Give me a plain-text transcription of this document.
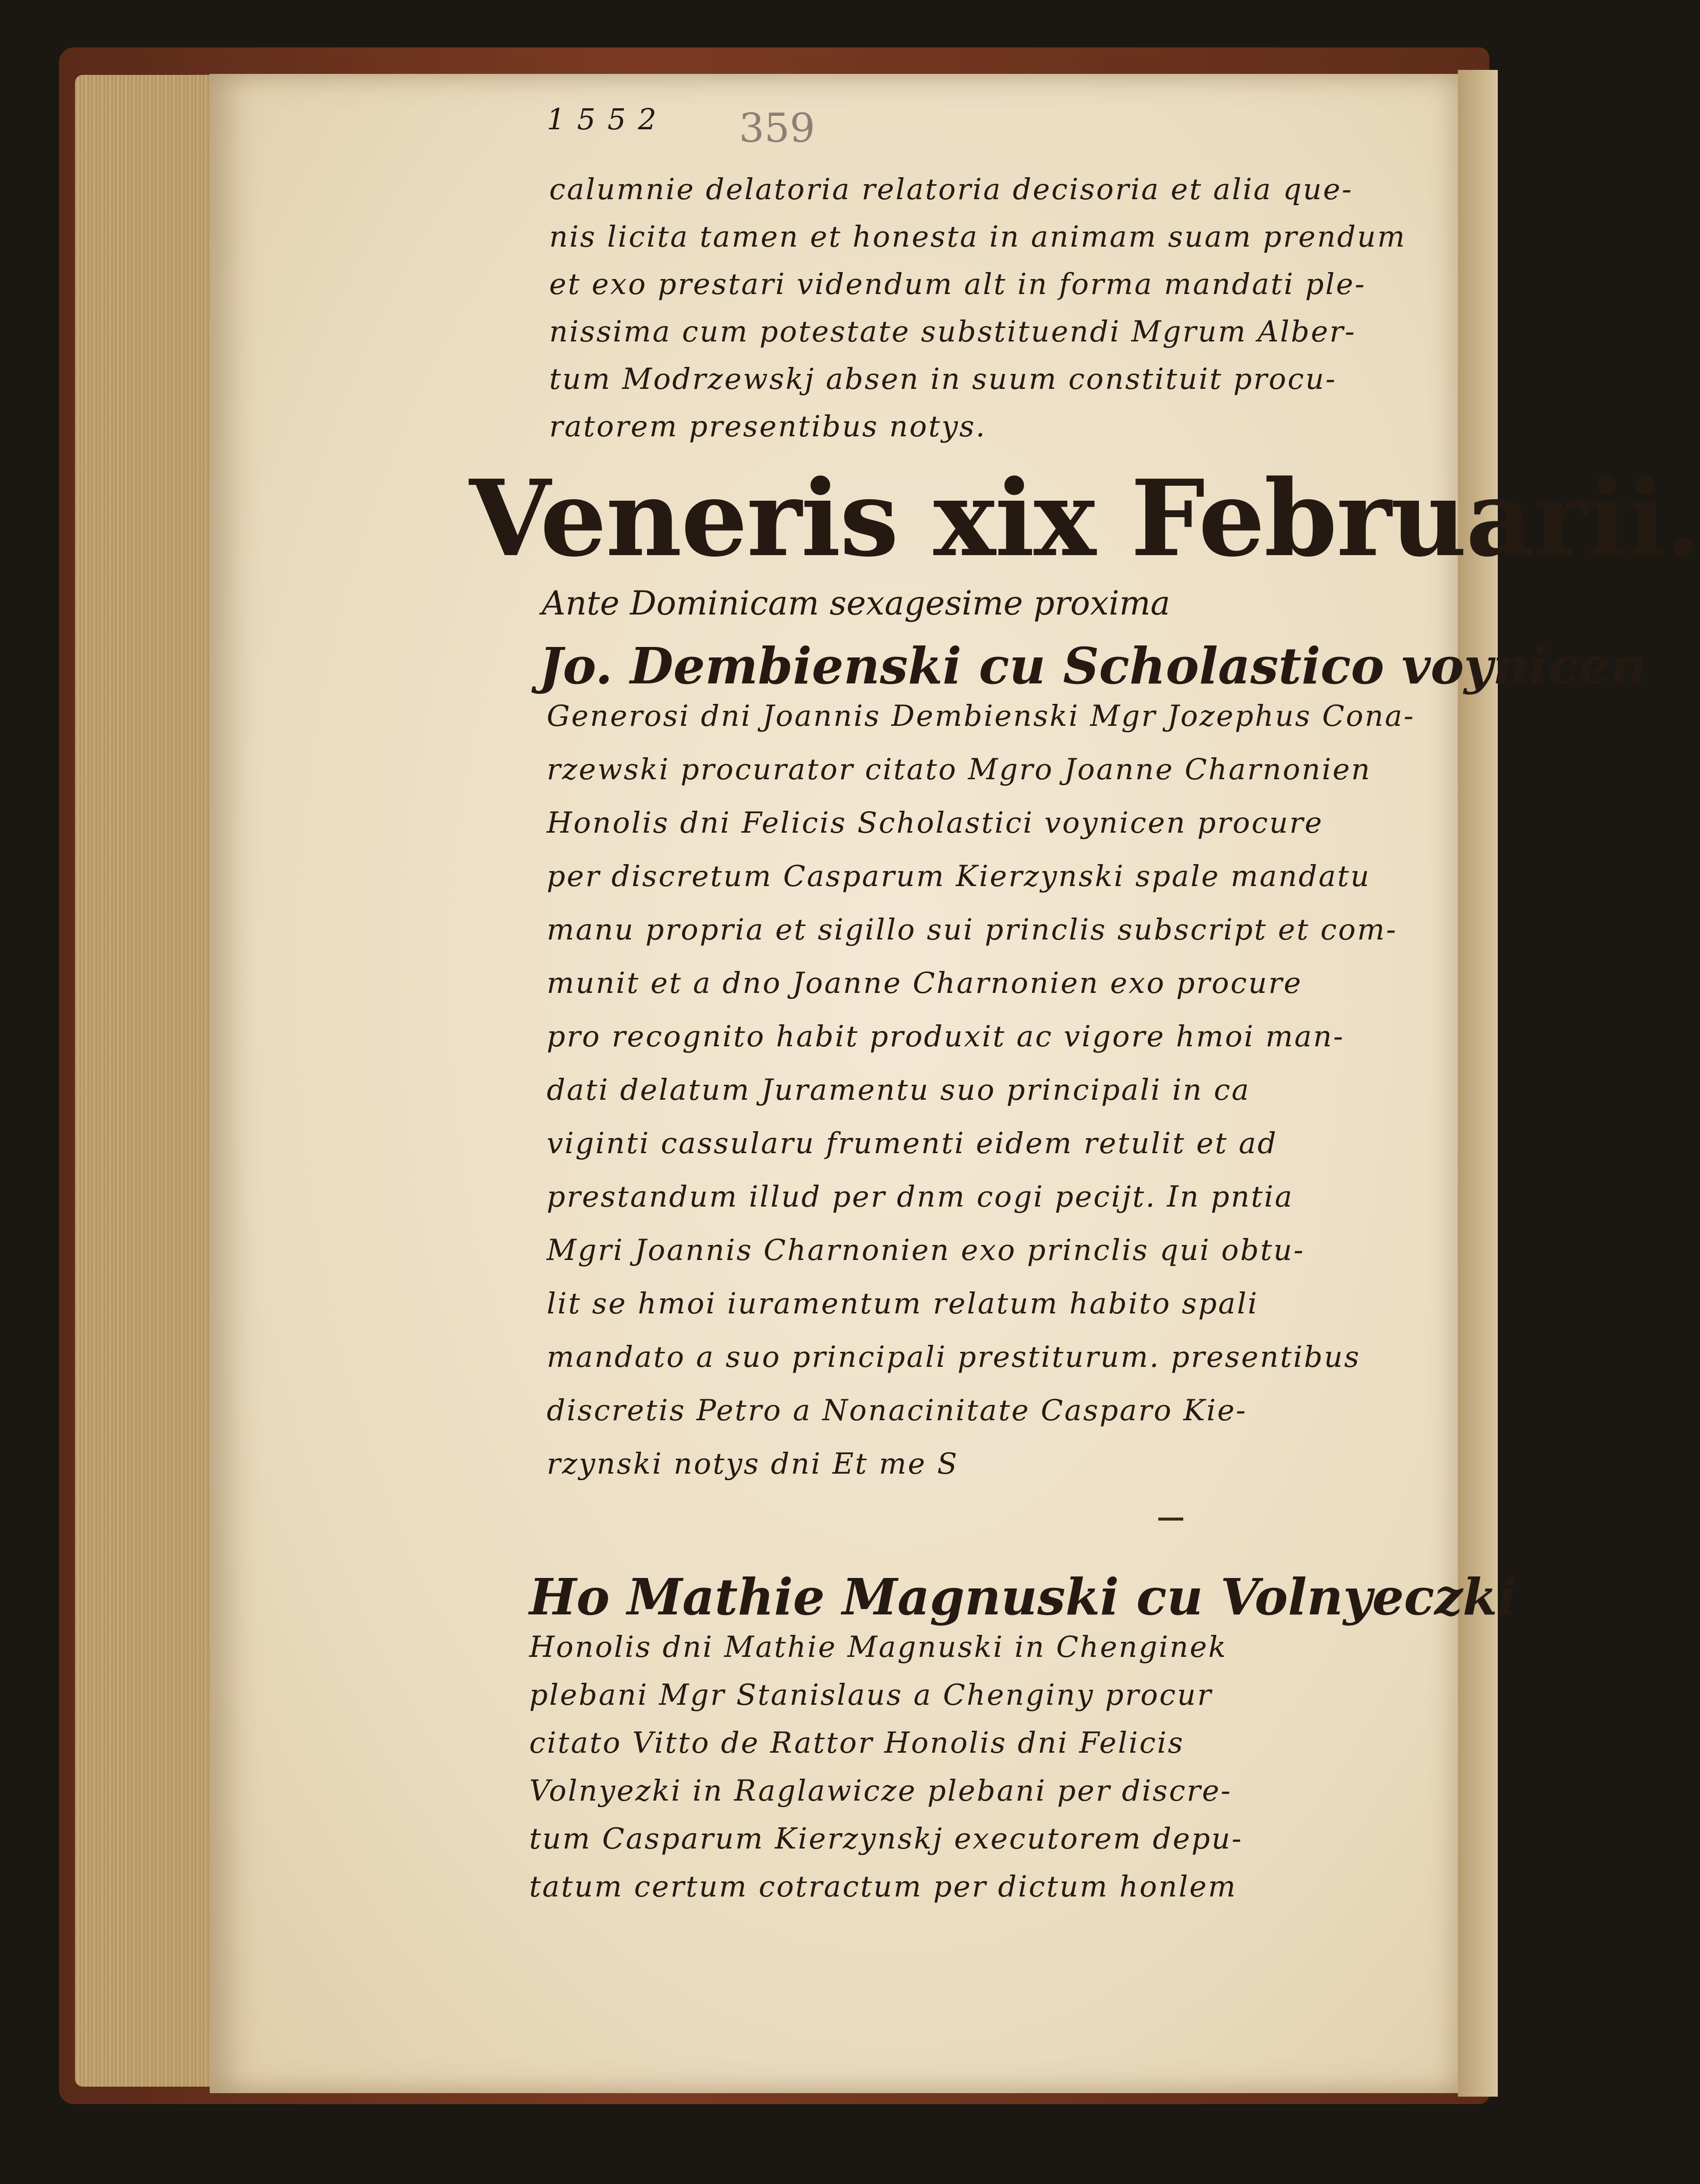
1552 359
calumnie delatoria relatoria decisoria et alia que-
nis licita tamen et honesta in animam suam prendum
et exo prestari videndum alt in forma mandati ple-
nissima cum potestate substituendi Mgrum Alber-
tum Modrzewskj absen in suum constituit procu-
ratorem presentibus notys.
Veneris xix Februarii.
Ante Dominicam sexagesime proxima
Jo. Dembienski cu Scholastico voynicen
Generosi dni Joannis Dembienski Mgr Jozephus Cona-
rzewski procurator citato Mgro Joanne Charnonien
Honolis dni Felicis Scholastici voynicen procure
per discretum Casparum Kierzynski spale mandatu
manu propria et sigillo sui princlis subscript et com-
munit et a dno Joanne Charnonien exo procure
pro recognito habit produxit ac vigore hmoi man-
dati delatum Juramentu suo principali in ca
viginti cassularu frumenti eidem retulit et ad
prestandum illud per dnm cogi pecijt. In pntia
Mgri Joannis Charnonien exo princlis qui obtu-
lit se hmoi iuramentum relatum habito spali
mandato a suo principali prestiturum. presentibus
discretis Petro a Nonacinitate Casparo Kie-
rzynski notys dni Et me S
Ho Mathie Magnuski cu Volnyeczki
Honolis dni Mathie Magnuski in Chenginek
plebani Mgr Stanislaus a Chenginy procur
citato Vitto de Rattor Honolis dni Felicis
Volnyezki in Raglawicze plebani per discre-
tum Casparum Kierzynskj executorem depu-
tatum certum cotractum per dictum honlem
